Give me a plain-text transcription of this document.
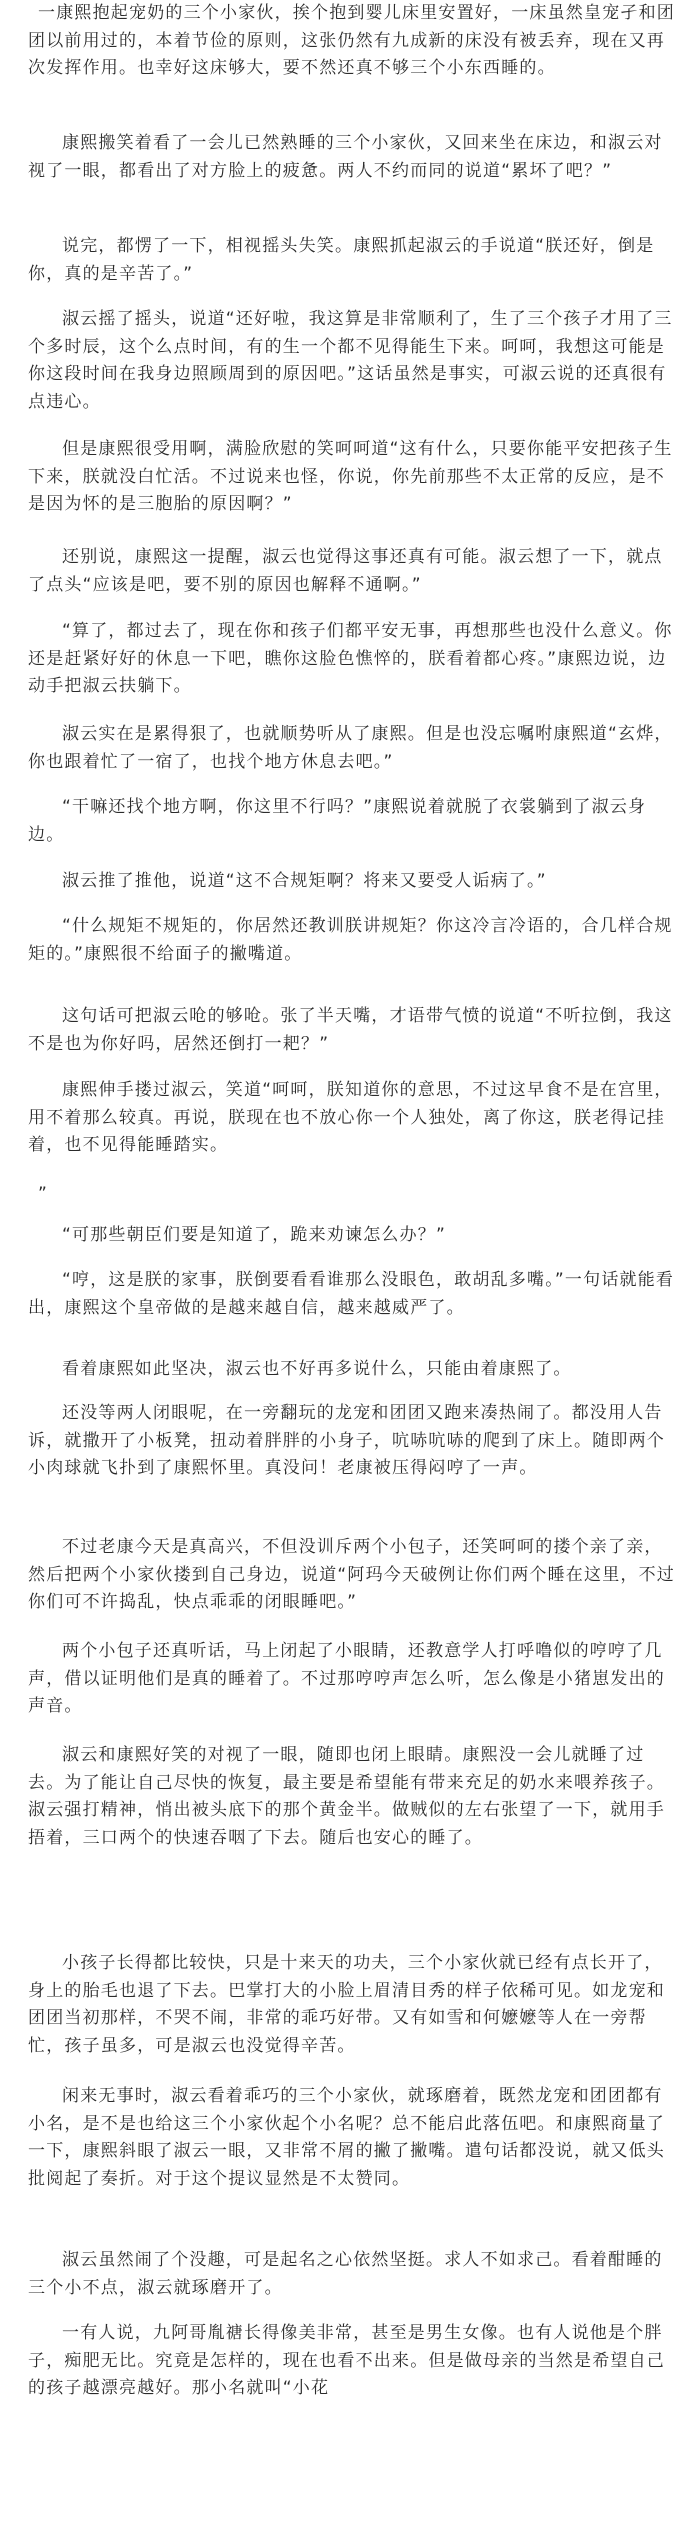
一康熙抱起宠奶的三个小家伙，挨个抱到婴儿床里安置好，一床虽然皇宠孑和团团以前用过的，本着节俭的原则，这张仍然有九成新的床没有被丢弃，现在又再次发挥作用。也幸好这床够大，要不然还真不够三个小东西睡的。

康熙搬笑着看了一会儿已然熟睡的三个小家伙，又回来坐在床边，和淑云对视了一眼，都看出了对方脸上的疲惫。两人不约而同的说道“累坏了吧？”

说完，都愣了一下，相视摇头失笑。康熙抓起淑云的手说道“朕还好，倒是你，真的是辛苦了。”

淑云摇了摇头，说道“还好啦，我这算是非常顺利了，生了三个孩子才用了三个多时辰，这个么点时间，有的生一个都不见得能生下来。呵呵，我想这可能是你这段时间在我身边照顾周到的原因吧。”这话虽然是事实，可淑云说的还真很有点违心。

但是康熙很受用啊，满脸欣慰的笑呵呵道“这有什么，只要你能平安把孩子生下来，朕就没白忙活。不过说来也怪，你说，你先前那些不太正常的反应，是不是因为怀的是三胞胎的原因啊？”

还别说，康熙这一提醒，淑云也觉得这事还真有可能。淑云想了一下，就点了点头“应该是吧，要不别的原因也解释不通啊。”

“算了，都过去了，现在你和孩子们都平安无事，再想那些也没什么意义。你还是赶紧好好的休息一下吧，瞧你这脸色憔悴的，朕看着都心疼。”康熙边说，边动手把淑云扶躺下。

淑云实在是累得狠了，也就顺势听从了康熙。但是也没忘嘱咐康熙道“玄烨，你也跟着忙了一宿了，也找个地方休息去吧。”

“干嘛还找个地方啊，你这里不行吗？”康熙说着就脱了衣裳躺到了淑云身边。

淑云推了推他，说道“这不合规矩啊？将来又要受人诟病了。”

“什么规矩不规矩的，你居然还教训朕讲规矩？你这冷言冷语的，合几样合规矩的。”康熙很不给面子的撇嘴道。

这句话可把淑云呛的够呛。张了半天嘴，才语带气愤的说道“不听拉倒，我这不是也为你好吗，居然还倒打一耙？”

康熙伸手搂过淑云，笑道“呵呵，朕知道你的意思，不过这早食不是在宫里，用不着那么较真。再说，朕现在也不放心你一个人独处，离了你这，朕老得记挂着，也不见得能睡踏实。

”

“可那些朝臣们要是知道了，跪来劝谏怎么办？”

“哼，这是朕的家事，朕倒要看看谁那么没眼色，敢胡乱多嘴。”一句话就能看出，康熙这个皇帝做的是越来越自信，越来越威严了。

看着康熙如此坚决，淑云也不好再多说什么，只能由着康熙了。

还没等两人闭眼呢，在一旁翻玩的龙宠和团团又跑来凑热闹了。都没用人告诉，就撒开了小板凳，扭动着胖胖的小身子，吭哧吭哧的爬到了床上。随即两个小肉球就飞扑到了康熙怀里。真没问！老康被压得闷哼了一声。

不过老康今天是真高兴，不但没训斥两个小包子，还笑呵呵的搂个亲了亲，然后把两个小家伙搂到自己身边，说道“阿玛今天破例让你们两个睡在这里，不过你们可不许捣乱，快点乖乖的闭眼睡吧。”

两个小包子还真听话，马上闭起了小眼睛，还教意学人打呼噜似的哼哼了几声，借以证明他们是真的睡着了。不过那哼哼声怎么听，怎么像是小猪崽发出的声音。

淑云和康熙好笑的对视了一眼，随即也闭上眼睛。康熙没一会儿就睡了过去。为了能让自己尽快的恢复，最主要是希望能有带来充足的奶水来喂养孩子。淑云强打精神，悄出被头底下的那个黄金半。做贼似的左右张望了一下，就用手捂着，三口两个的快速吞咽了下去。随后也安心的睡了。

小孩子长得都比较快，只是十来天的功夫，三个小家伙就已经有点长开了，身上的胎毛也退了下去。巴掌打大的小脸上眉清目秀的样子依稀可见。如龙宠和团团当初那样，不哭不闹，非常的乖巧好带。又有如雪和何嬷嬷等人在一旁帮忙，孩子虽多，可是淑云也没觉得辛苦。

闲来无事时，淑云看着乖巧的三个小家伙，就琢磨着，既然龙宠和团团都有小名，是不是也给这三个小家伙起个小名呢？总不能启此落伍吧。和康熙商量了一下，康熙斜眼了淑云一眼，又非常不屑的撇了撇嘴。遣句话都没说，就又低头批阅起了奏折。对于这个提议显然是不太赞同。

淑云虽然闹了个没趣，可是起名之心依然坚挺。求人不如求己。看着酣睡的三个小不点，淑云就琢磨开了。

一有人说，九阿哥胤禟长得像美非常，甚至是男生女像。也有人说他是个胖子，痴肥无比。究竟是怎样的，现在也看不出来。但是做母亲的当然是希望自己的孩子越漂亮越好。那小名就叫“小花
